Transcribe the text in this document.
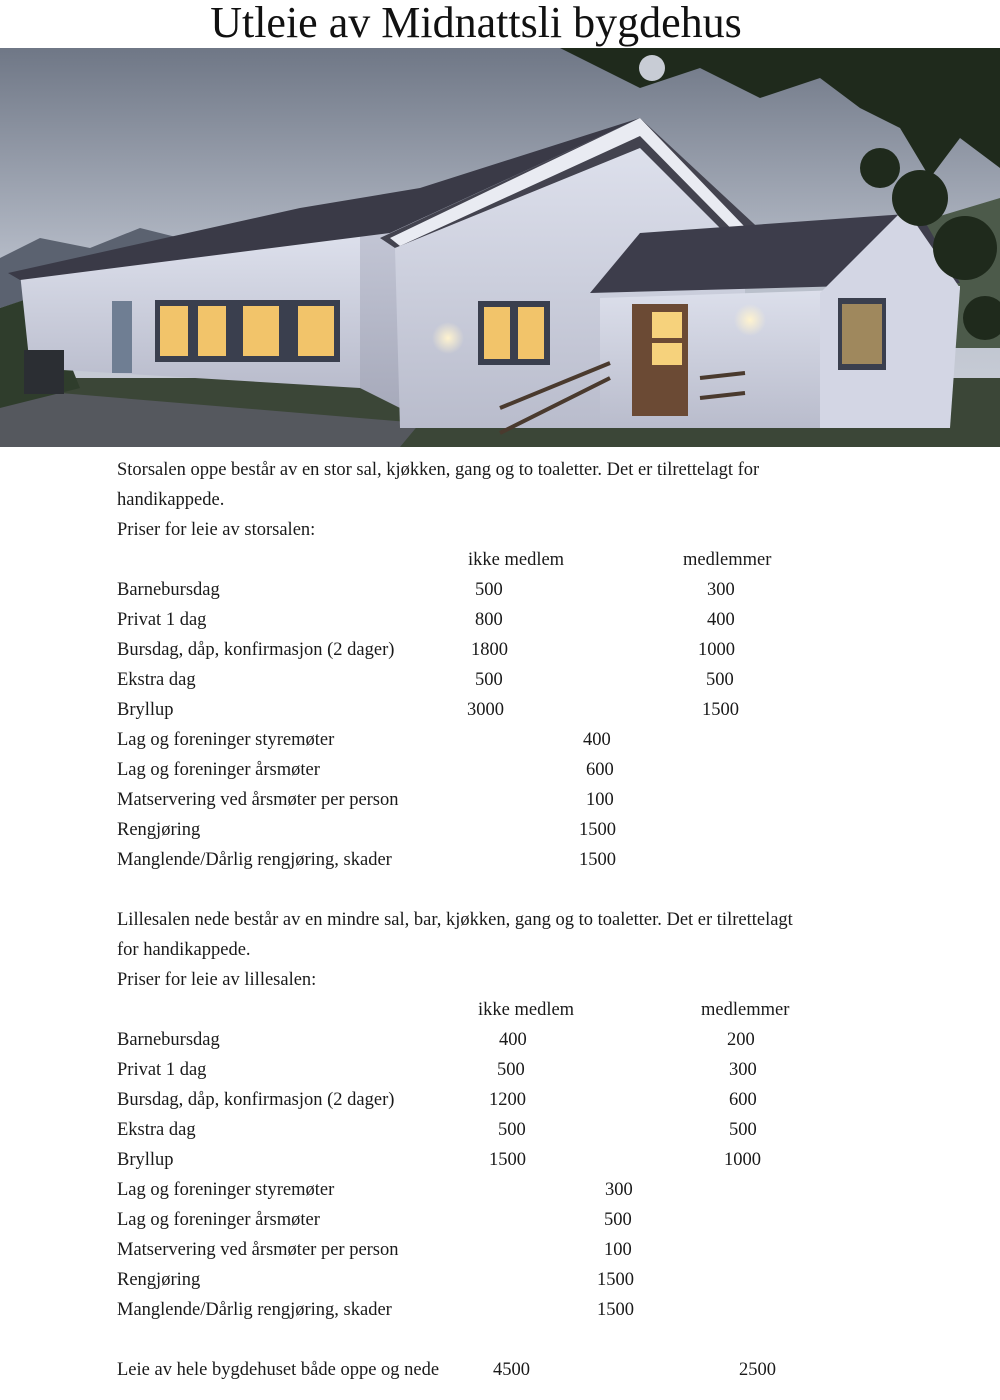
Utleie av Midnattsli bygdehus
Storsalen oppe består av en stor sal, kjøkken, gang og to toaletter. Det er tilrettelagt for
handikappede.
Priser for leie av storsalen:
ikke medlem	medlemmer
Barnebursdag	500	300
Privat 1 dag	800	400
Bursdag, dåp, konfirmasjon (2 dager)	1800	1000
Ekstra dag	500	500
Bryllup	3000	1500
Lag og foreninger styremøter	400
Lag og foreninger årsmøter	600
Matservering ved årsmøter per person	100
Rengjøring	1500
Manglende/Dårlig rengjøring, skader	1500
Lillesalen nede består av en mindre sal, bar, kjøkken, gang og to toaletter. Det er tilrettelagt
for handikappede.
Priser for leie av lillesalen:
ikke medlem	medlemmer
Barnebursdag	400	200
Privat 1 dag	500	300
Bursdag, dåp, konfirmasjon (2 dager)	1200	600
Ekstra dag	500	500
Bryllup	1500	1000
Lag og foreninger styremøter	300
Lag og foreninger årsmøter	500
Matservering ved årsmøter per person	100
Rengjøring	1500
Manglende/Dårlig rengjøring, skader	1500
Leie av hele bygdehuset både oppe og nede	4500	2500
